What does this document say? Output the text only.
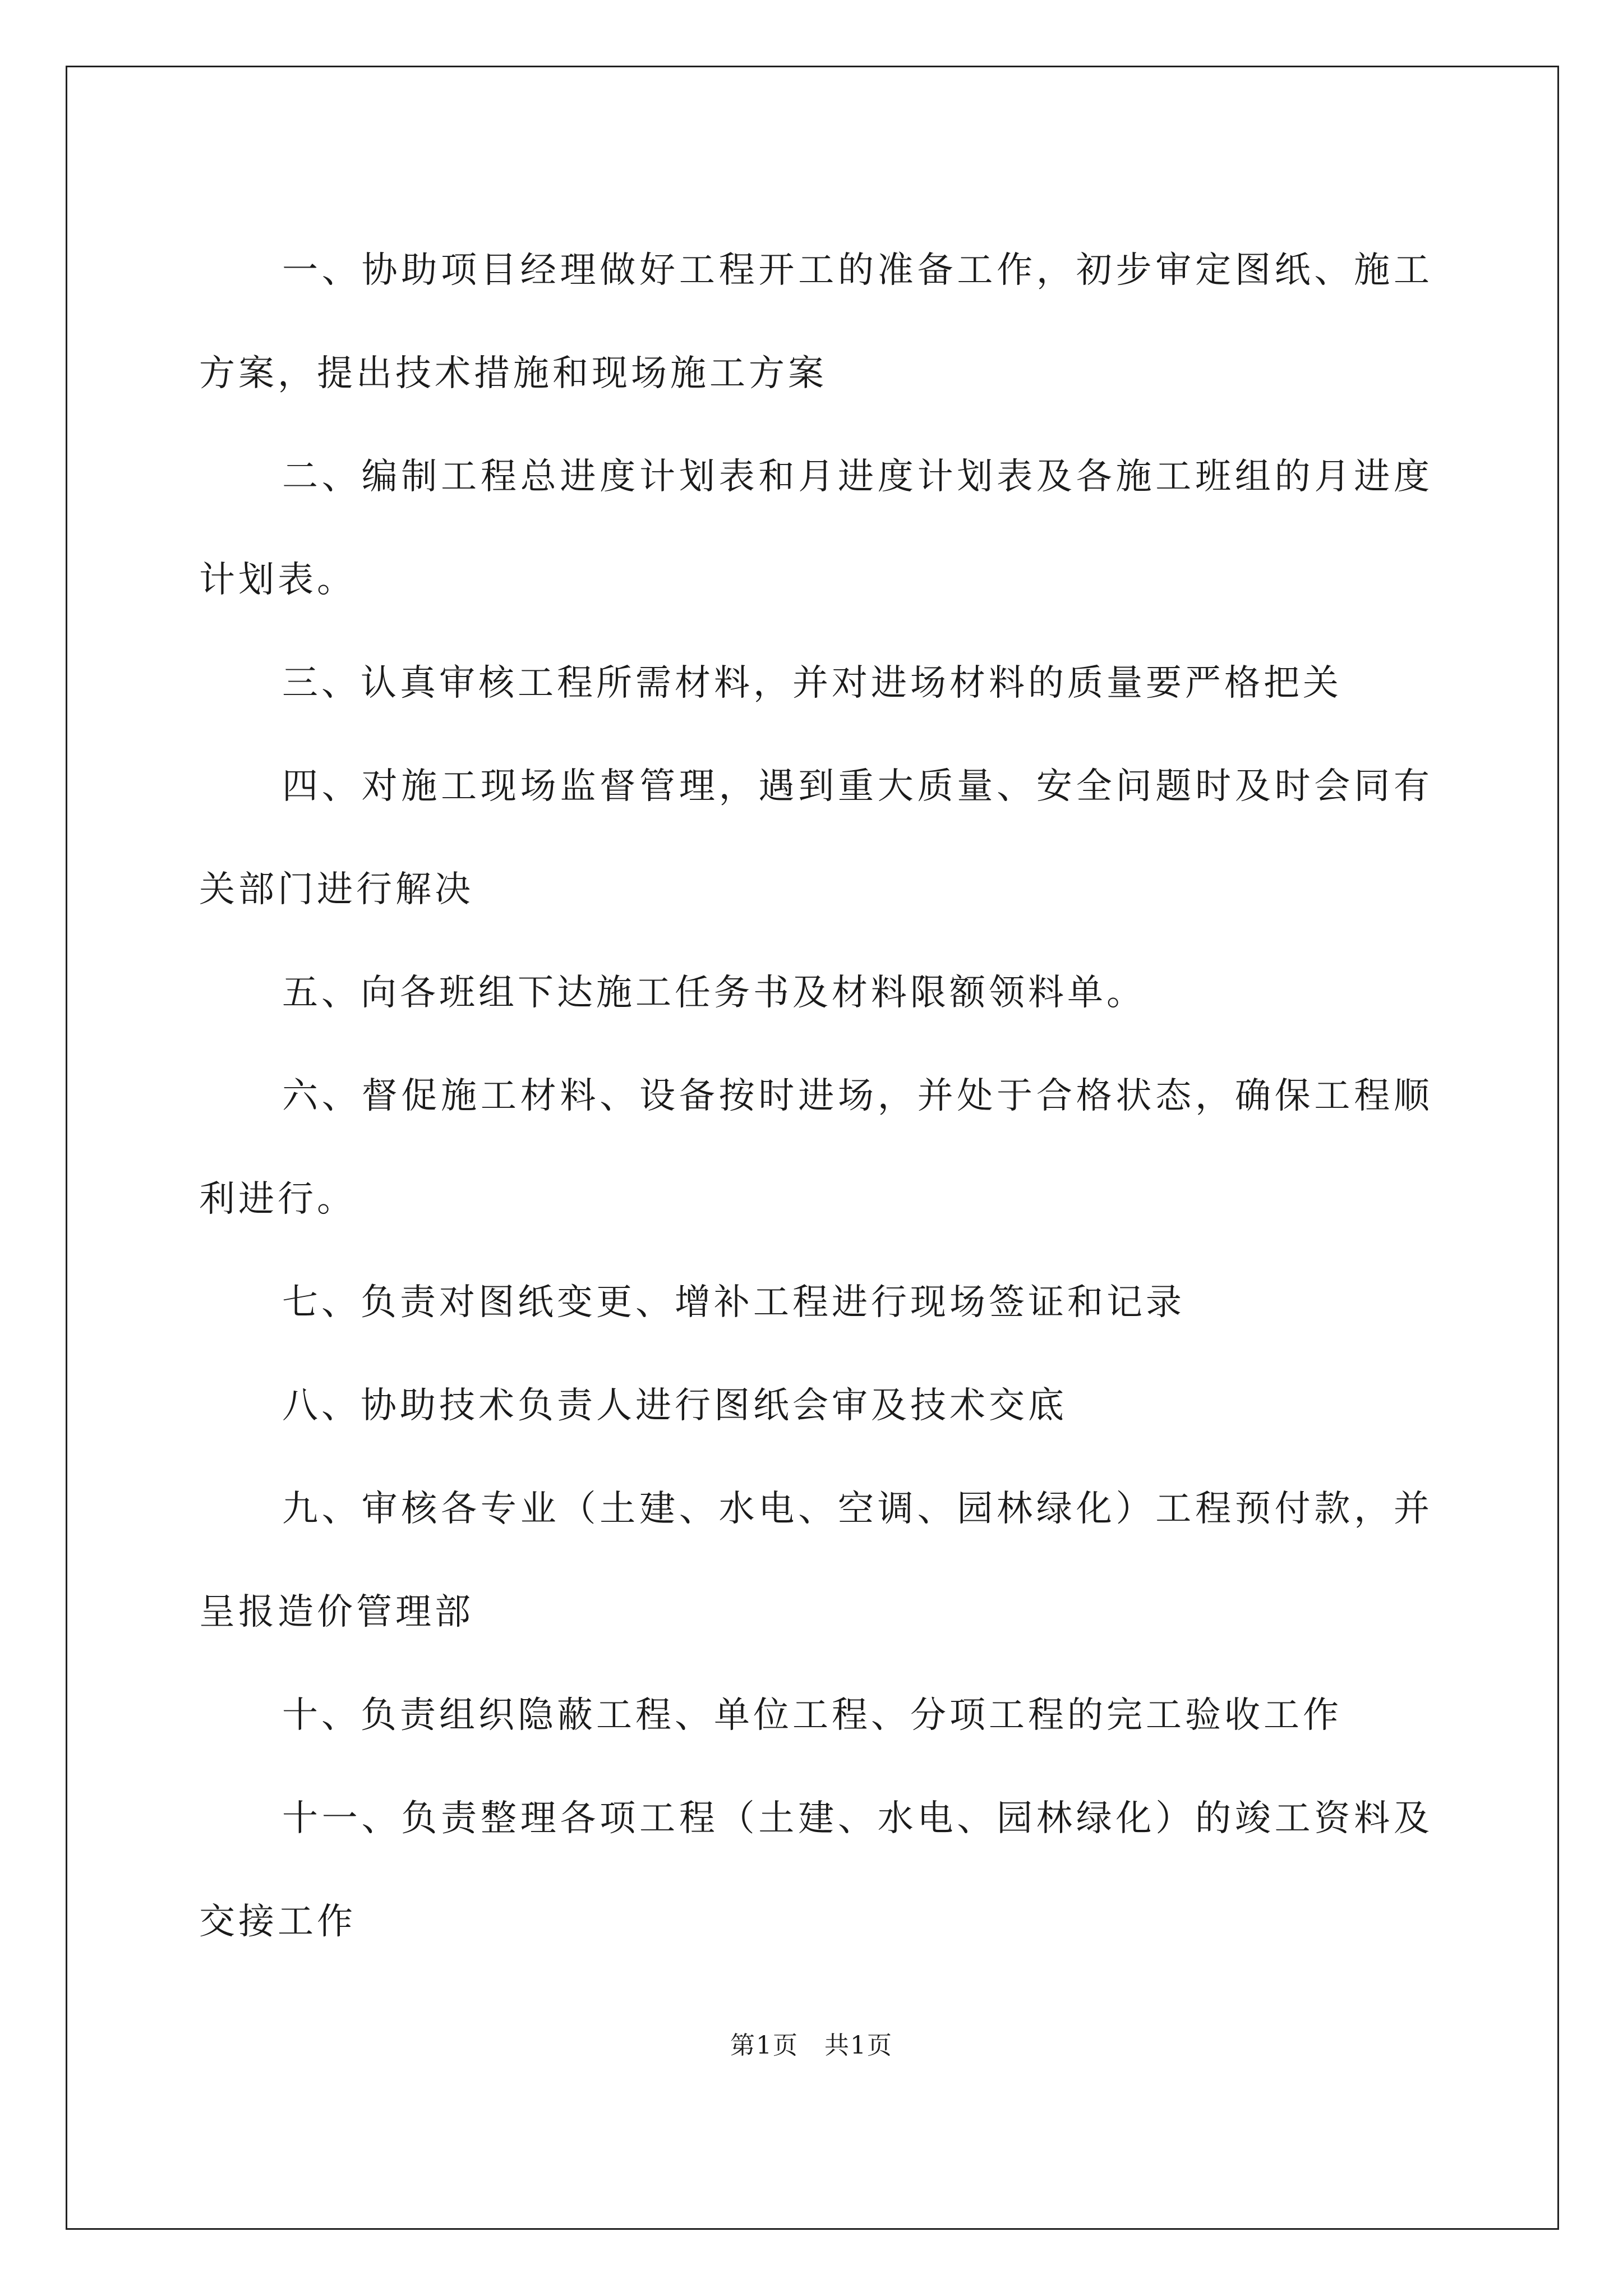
一、协助项目经理做好工程开工的准备工作，初步审定图纸、施工方案，提出技术措施和现场施工方案

二、编制工程总进度计划表和月进度计划表及各施工班组的月进度计划表。

三、认真审核工程所需材料，并对进场材料的质量要严格把关

四、对施工现场监督管理，遇到重大质量、安全问题时及时会同有关部门进行解决

五、向各班组下达施工任务书及材料限额领料单。

六、督促施工材料、设备按时进场，并处于合格状态，确保工程顺利进行。

七、负责对图纸变更、增补工程进行现场签证和记录

八、协助技术负责人进行图纸会审及技术交底

九、审核各专业（土建、水电、空调、园林绿化）工程预付款，并呈报造价管理部

十、负责组织隐蔽工程、单位工程、分项工程的完工验收工作

十一、负责整理各项工程（土建、水电、园林绿化）的竣工资料及交接工作

第1页　共1页
